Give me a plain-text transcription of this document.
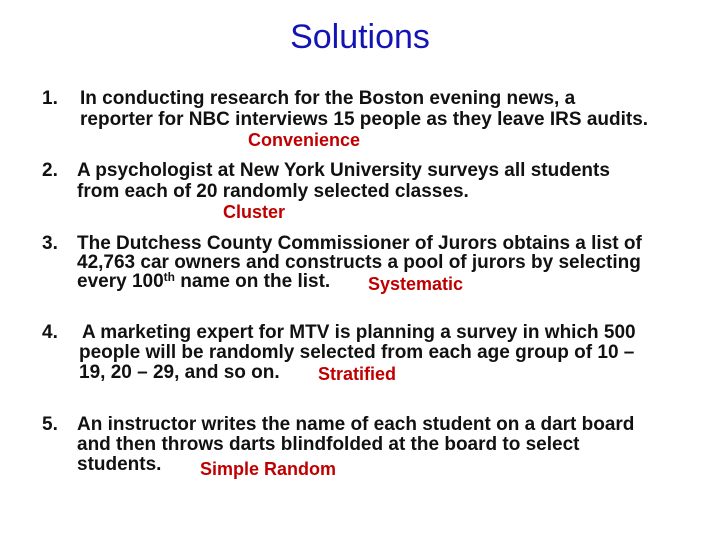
Solutions
1. In conducting research for the Boston evening news, a
reporter for NBC interviews 15 people as they leave IRS audits.
Convenience
2. A psychologist at New York University surveys all students
from each of 20 randomly selected classes.
Cluster
3. The Dutchess County Commissioner of Jurors obtains a list of
42,763 car owners and constructs a pool of jurors by selecting
every 100th name on the list. Systematic
4. A marketing expert for MTV is planning a survey in which 500
people will be randomly selected from each age group of 10 –
19, 20 – 29, and so on. Stratified
5. An instructor writes the name of each student on a dart board
and then throws darts blindfolded at the board to select
students. Simple Random
